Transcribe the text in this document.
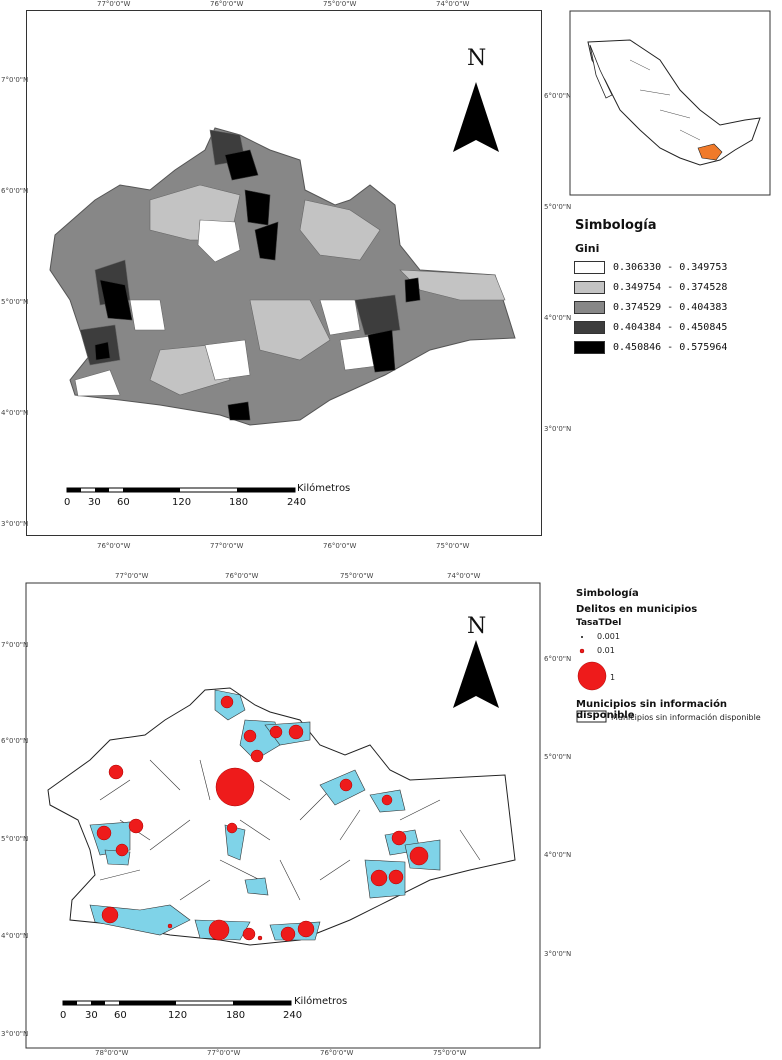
77°0'0"W	76°0'0"W	75°0'0"W	74°0'0"W
76°0'0"W	77°0'0"W	76°0'0"W	75°0'0"W
7°0'0"N
6°0'0"N
5°0'0"N
4°0'0"N
3°0'0"N
6°0'0"N
5°0'0"N
4°0'0"N
3°0'0"N
N
Kilómetros
0 30 60	120	180	240
Simbología
Gini
0.306330 - 0.349753
0.349754 - 0.374528
0.374529 - 0.404383
0.404384 - 0.450845
0.450846 - 0.575964
77°0'0"W	76°0'0"W	75°0'0"W	74°0'0"W
78°0'0"W	77°0'0"W	76°0'0"W	75°0'0"W
7°0'0"N
6°0'0"N
5°0'0"N
4°0'0"N
3°0'0"N
6°0'0"N
5°0'0"N
4°0'0"N
3°0'0"N
N
Kilómetros
0 30 60	120	180	240
Simbología
Delitos en municipios
TasaTDel
0.001
0.01
1
Municipios sin información disponible
Municipios sin información disponible
